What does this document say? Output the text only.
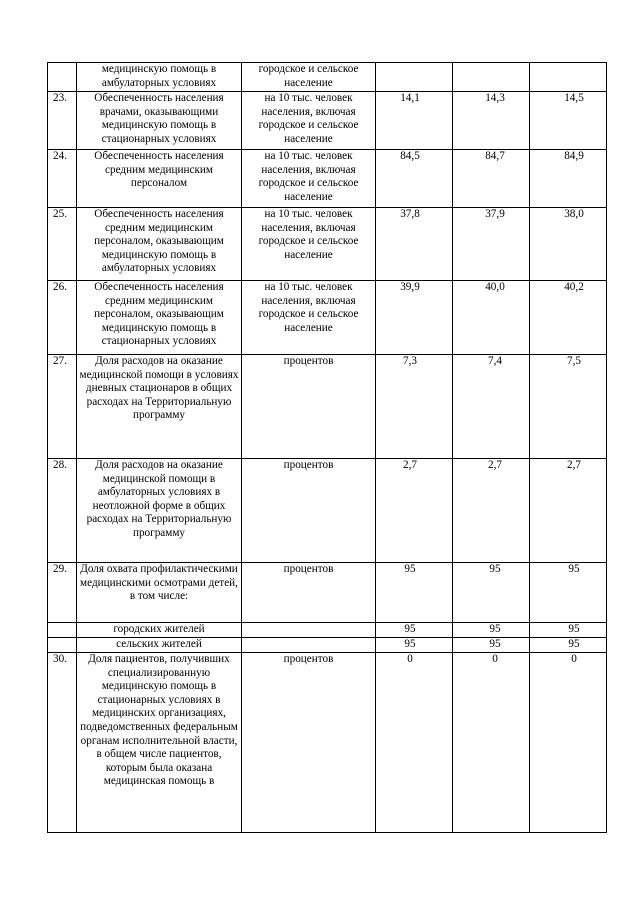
	медицинскую помощь в амбулаторных условиях	городское и сельское население			
23.	Обеспеченность населения врачами, оказывающими медицинскую помощь в стационарных условиях	на 10 тыс. человек населения, включая городское и сельское население	14,1	14,3	14,5
24.	Обеспеченность населения средним медицинским персоналом	на 10 тыс. человек населения, включая городское и сельское население	84,5	84,7	84,9
25.	Обеспеченность населения средним медицинским персоналом, оказывающим медицинскую помощь в амбулаторных условиях	на 10 тыс. человек населения, включая городское и сельское население	37,8	37,9	38,0
26.	Обеспеченность населения средним медицинским персоналом, оказывающим медицинскую помощь в стационарных условиях	на 10 тыс. человек населения, включая городское и сельское население	39,9	40,0	40,2
27.	Доля расходов на оказание медицинской помощи в условиях дневных стационаров в общих расходах на Территориальную программу	процентов	7,3	7,4	7,5
28.	Доля расходов на оказание медицинской помощи в амбулаторных условиях в неотложной форме в общих расходах на Территориальную программу	процентов	2,7	2,7	2,7
29.	Доля охвата профилактическими медицинскими осмотрами детей, в том числе:	процентов	95	95	95
	городских жителей		95	95	95
	сельских жителей		95	95	95
30.	Доля пациентов, получивших специализированную медицинскую помощь в стационарных условиях в медицинских организациях, подведомственных федеральным органам исполнительной власти, в общем числе пациентов, которым была оказана медицинская помощь в	процентов	0	0	0
